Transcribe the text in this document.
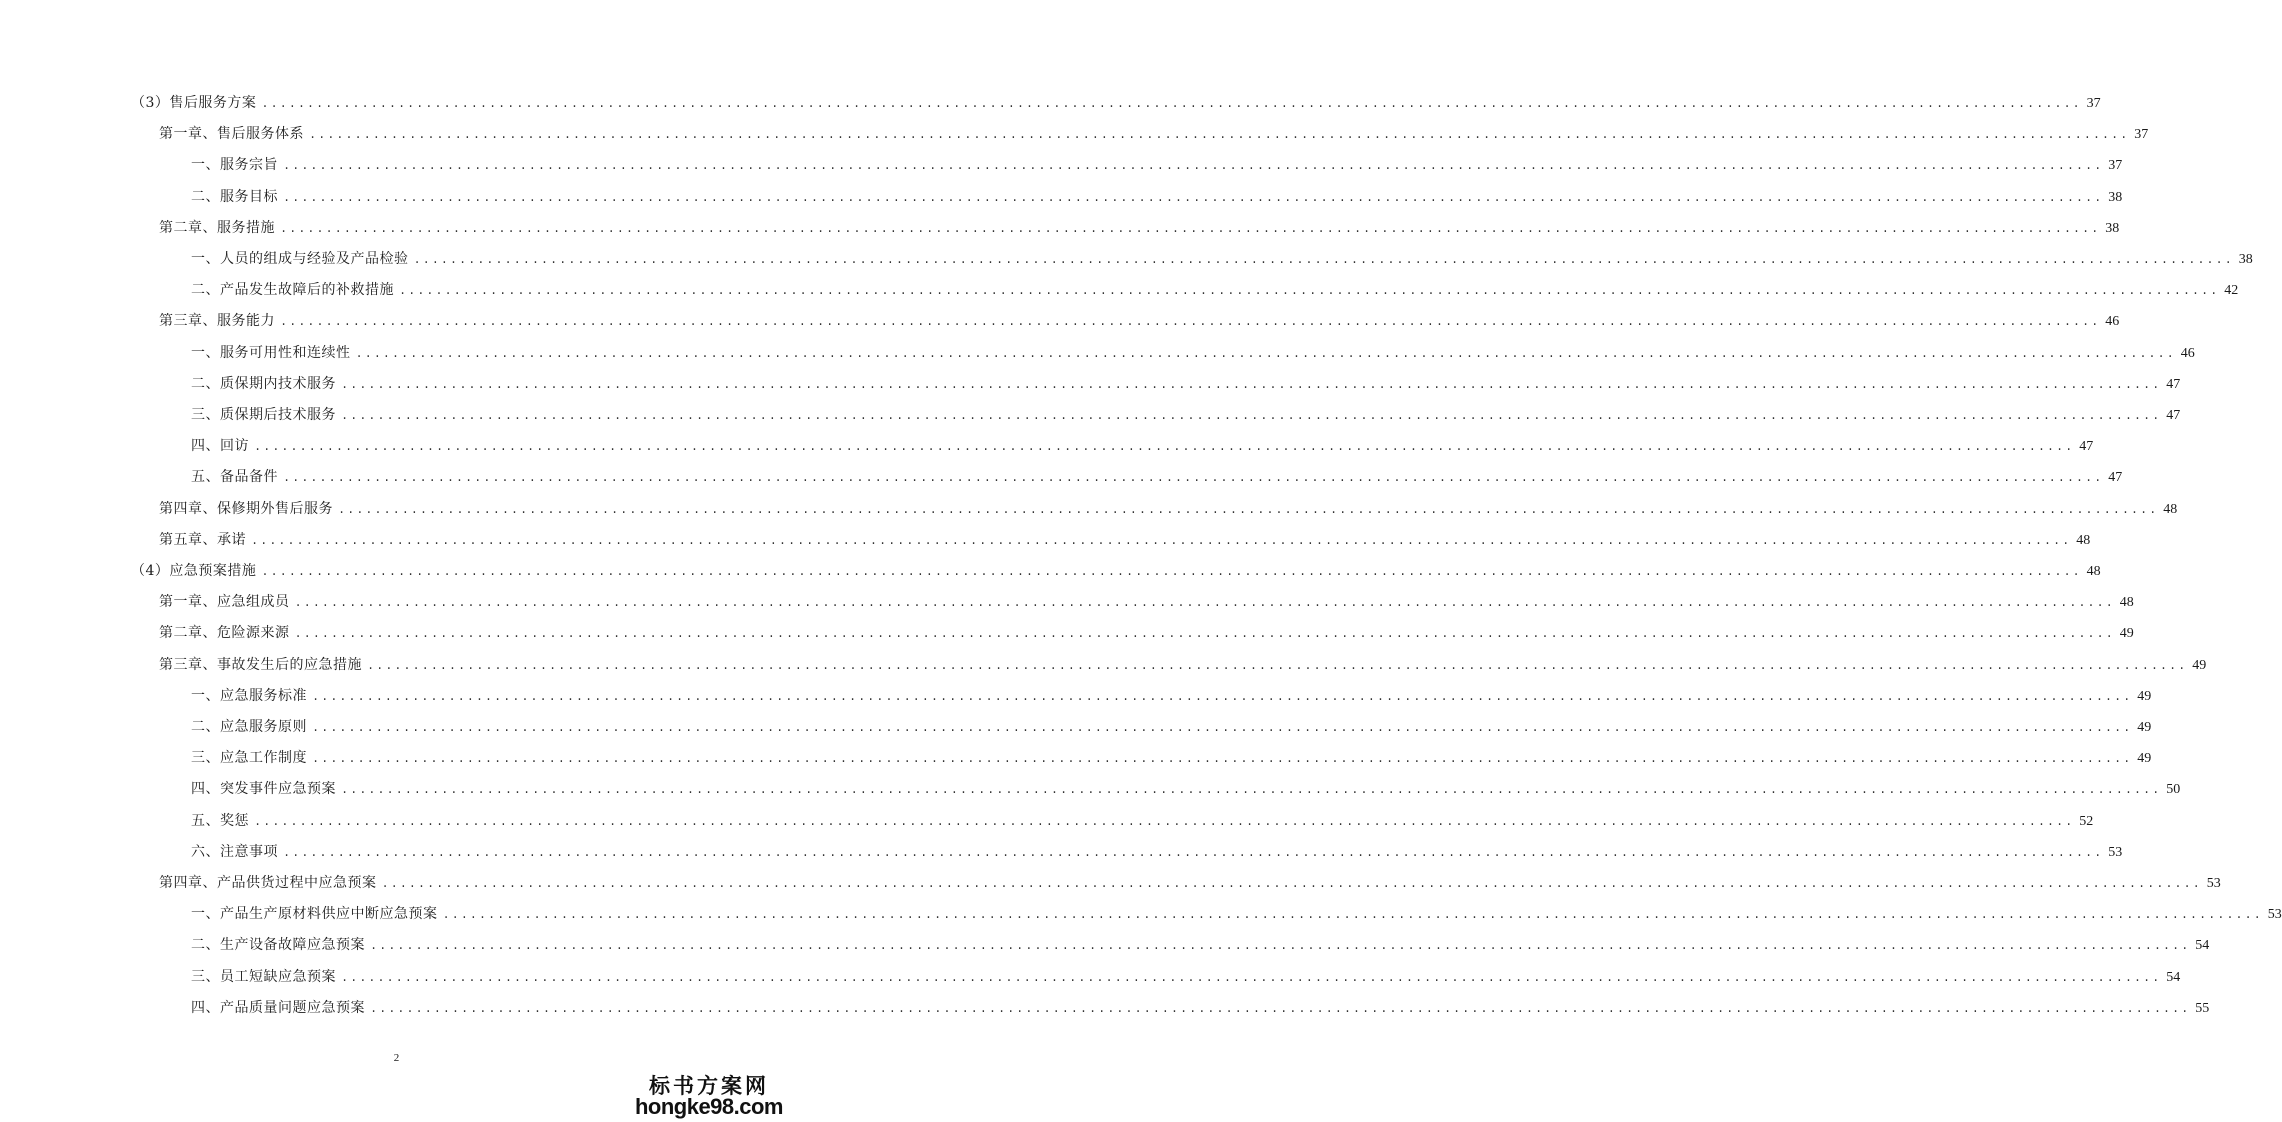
（3）售后服务方案 ........................................................................................................................................................................................................ 37
第一章、售后服务体系 ........................................................................................................................................................................................................ 37
一、服务宗旨 ........................................................................................................................................................................................................ 37
二、服务目标 ........................................................................................................................................................................................................ 38
第二章、服务措施 ........................................................................................................................................................................................................ 38
一、人员的组成与经验及产品检验 ........................................................................................................................................................................................................ 38
二、产品发生故障后的补救措施 ........................................................................................................................................................................................................ 42
第三章、服务能力 ........................................................................................................................................................................................................ 46
一、服务可用性和连续性 ........................................................................................................................................................................................................ 46
二、质保期内技术服务 ........................................................................................................................................................................................................ 47
三、质保期后技术服务 ........................................................................................................................................................................................................ 47
四、回访 ........................................................................................................................................................................................................ 47
五、备品备件 ........................................................................................................................................................................................................ 47
第四章、保修期外售后服务 ........................................................................................................................................................................................................ 48
第五章、承诺 ........................................................................................................................................................................................................ 48
（4）应急预案措施 ........................................................................................................................................................................................................ 48
第一章、应急组成员 ........................................................................................................................................................................................................ 48
第二章、危险源来源 ........................................................................................................................................................................................................ 49
第三章、事故发生后的应急措施 ........................................................................................................................................................................................................ 49
一、应急服务标准 ........................................................................................................................................................................................................ 49
二、应急服务原则 ........................................................................................................................................................................................................ 49
三、应急工作制度 ........................................................................................................................................................................................................ 49
四、突发事件应急预案 ........................................................................................................................................................................................................ 50
五、奖惩 ........................................................................................................................................................................................................ 52
六、注意事项 ........................................................................................................................................................................................................ 53
第四章、产品供货过程中应急预案 ........................................................................................................................................................................................................ 53
一、产品生产原材料供应中断应急预案 ........................................................................................................................................................................................................ 53
二、生产设备故障应急预案 ........................................................................................................................................................................................................ 54
三、员工短缺应急预案 ........................................................................................................................................................................................................ 54
四、产品质量问题应急预案 ........................................................................................................................................................................................................ 55
2
标书方案网
hongke98.com
